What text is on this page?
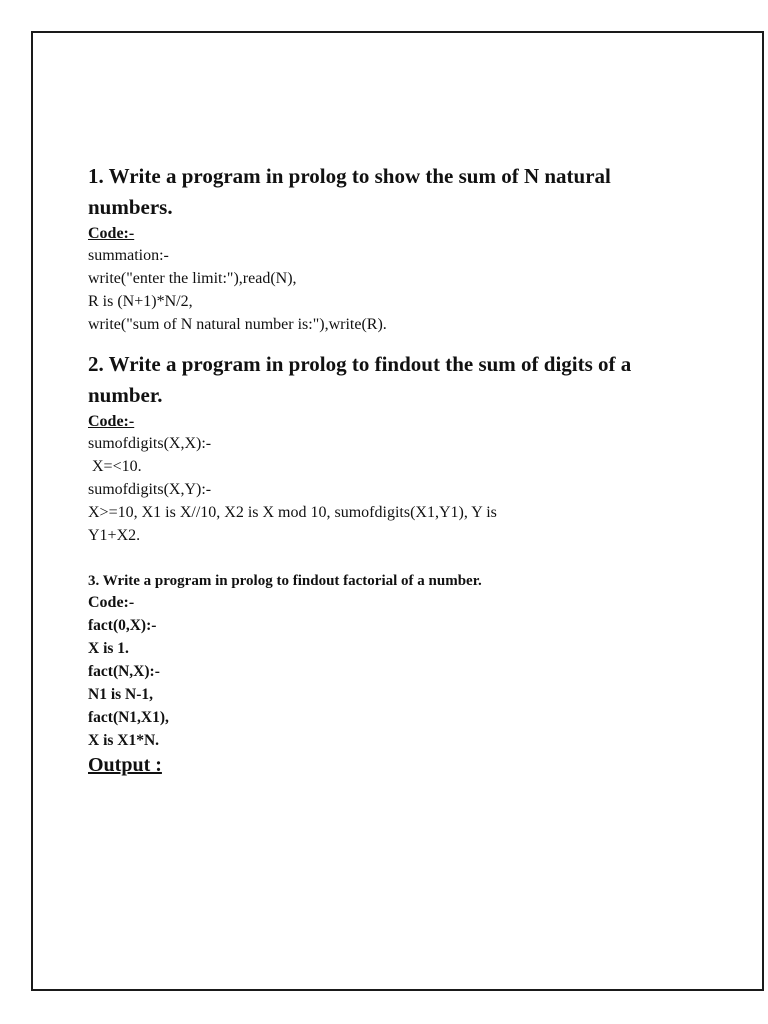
1. Write a program in prolog to show the sum of N natural

numbers.

Code:-

summation:-

write("enter the limit:"),read(N),

R is (N+1)*N/2,

write("sum of N natural number is:"),write(R).

2. Write a program in prolog to findout the sum of digits of a

number.

Code:-

sumofdigits(X,X):-

X=<10.

sumofdigits(X,Y):-

X>=10, X1 is X//10, X2 is X mod 10, sumofdigits(X1,Y1), Y is

Y1+X2.

3. Write a program in prolog to findout factorial of a number.

Code:-

fact(0,X):-

X is 1.

fact(N,X):-

N1 is N-1,

fact(N1,X1),

X is X1*N.

Output :
